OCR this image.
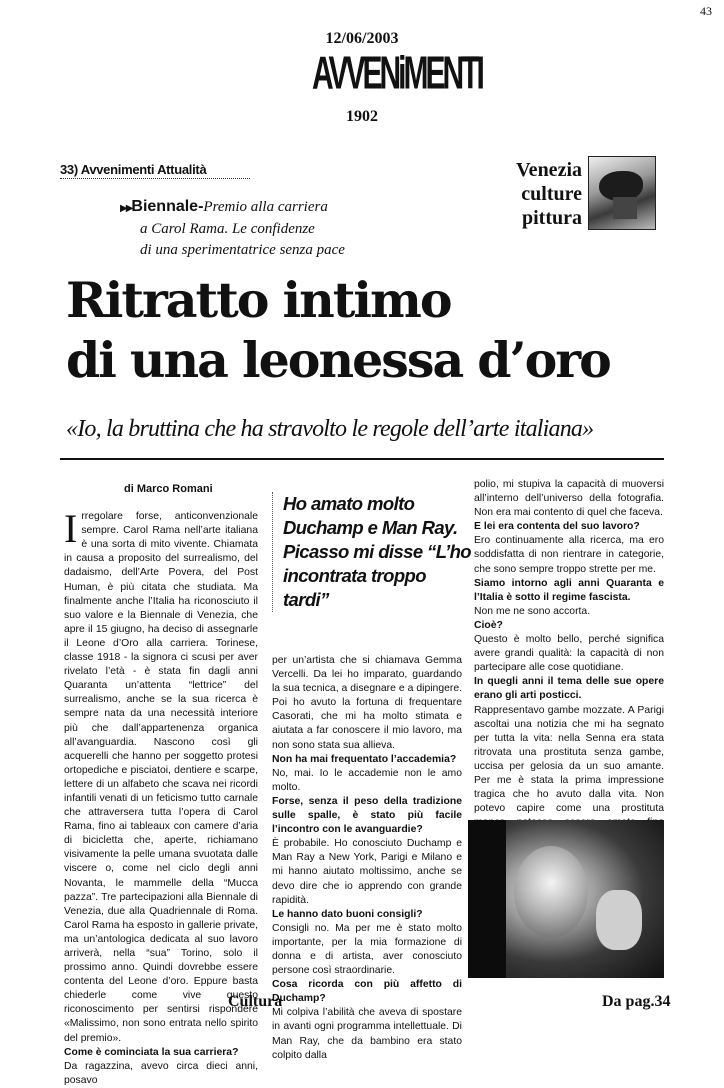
43
12/06/2003
AVVENiMENTI
1902
33) Avvenimenti Attualità
▶▶Biennale-Premio alla carriera
a Carol Rama. Le confidenze
di una sperimentatrice senza pace
Venezia
culture
pittura
Ritratto intimo
di una leonessa d’oro
«Io, la bruttina che ha stravolto le regole dell’arte italiana»

di Marco Romani

Irregolare forse, anticonvenzionale sempre. Carol Rama nell’arte italiana è una sorta di mito vivente. Chiamata in causa a proposito del surrealismo, del dadaismo, dell’Arte Povera, del Post Human, è più citata che studiata. Ma finalmente anche l’Italia ha riconosciuto il suo valore e la Biennale di Venezia, che apre il 15 giugno, ha deciso di assegnarle il Leone d’Oro alla carriera. Torinese, classe 1918 - la signora ci scusi per aver rivelato l’età - è stata fin dagli anni Quaranta un’attenta “lettrice” del surrealismo, anche se la sua ricerca è sempre nata da una necessità interiore più che dall’appartenenza organica all’avanguardia. Nascono così gli acquerelli che hanno per soggetto protesi ortopediche e pisciatoi, dentiere e scarpe, lettere di un alfabeto che scava nei ricordi infantili venati di un feticismo tutto carnale che attraversera tutta l’opera di Carol Rama, fino ai tableaux con camere d’aria di bicicletta che, aperte, richiamano visivamente la pelle umana svuotata dalle viscere o, come nel ciclo degli anni Novanta, le mammelle della “Mucca pazza”. Tre partecipazioni alla Biennale di Venezia, due alla Quadriennale di Roma. Carol Rama ha esposto in gallerie private, ma un’antologica dedicata al suo lavoro arriverà, nella “sua” Torino, solo il prossimo anno. Quindi dovrebbe essere contenta del Leone d’oro. Eppure basta chiederle come vive questo riconoscimento per sentirsi rispondere «Malissimo, non sono entrata nello spirito del premio».

Come è cominciata la sua carriera?

Da ragazzina, avevo circa dieci anni, posavo

Ho amato molto Duchamp e Man Ray. Picasso mi disse “L’ho incontrata troppo tardi”

per un’artista che si chiamava Gemma Vercelli. Da lei ho imparato, guardando la sua tecnica, a disegnare e a dipingere. Poi ho avuto la fortuna di frequentare Casorati, che mi ha molto stimata e aiutata a far conoscere il mio lavoro, ma non sono stata sua allieva.

Non ha mai frequentato l’accademia?

No, mai. Io le accademie non le amo molto.

Forse, senza il peso della tradizione sulle spalle, è stato più facile l’incontro con le avanguardie?

È probabile. Ho conosciuto Duchamp e Man Ray a New York, Parigi e Milano e mi hanno aiutato moltissimo, anche se devo dire che io apprendo con grande rapidità.

Le hanno dato buoni consigli?

Consigli no. Ma per me è stato molto importante, per la mia formazione di donna e di artista, aver conosciuto persone così straordinarie.

Cosa ricorda con più affetto di Duchamp?

Mi colpiva l’abilità che aveva di spostare in avanti ogni programma intellettuale. Di Man Ray, che da bambino era stato colpito dalla

polio, mi stupiva la capacità di muoversi all’interno dell’universo della fotografia. Non era mai contento di quel che faceva.

E lei era contenta del suo lavoro?

Ero continuamente alla ricerca, ma ero soddisfatta di non rientrare in categorie, che sono sempre troppo strette per me.

Siamo intorno agli anni Quaranta e l’Italia è sotto il regime fascista.

Non me ne sono accorta.

Cioè?

Questo è molto bello, perché significa avere grandi qualità: la capacità di non partecipare alle cose quotidiane.

In quegli anni il tema delle sue opere erano gli arti posticci.

Rappresentavo gambe mozzate. A Parigi ascoltai una notizia che mi ha segnato per tutta la vita: nella Senna era stata ritrovata una prostituta senza gambe, uccisa per gelosia da un suo amante. Per me è stata la prima impressione tragica che ho avuto dalla vita. Non potevo capire come una prostituta

Cultura	Da pag.34
